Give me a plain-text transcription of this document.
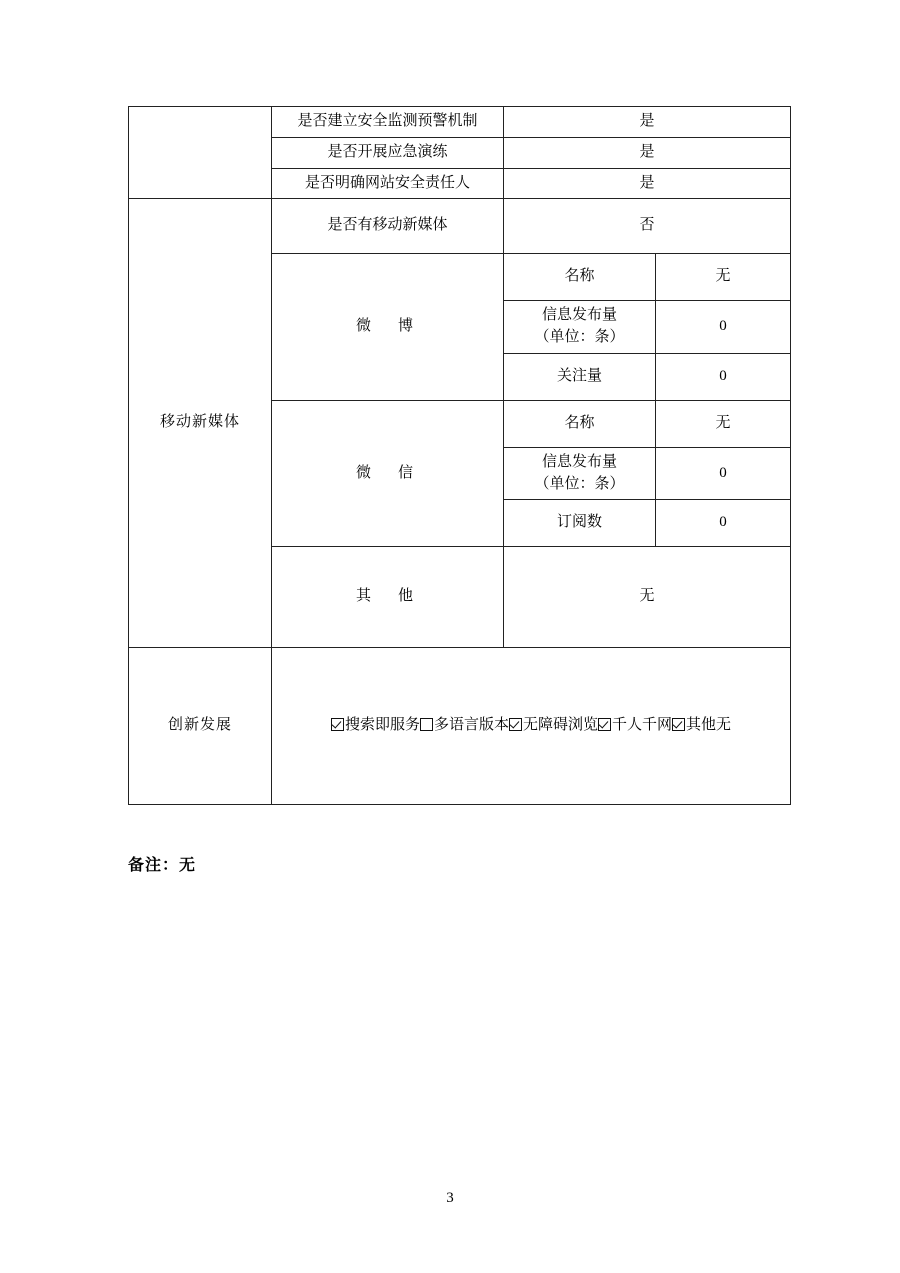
	是否建立安全监测预警机制	是	
	是否开展应急演练	是	
	是否明确网站安全责任人	是	
移动新媒体	是否有移动新媒体	否	
	微　博	名称	无

		信息发布量
（单位：条）	0
		关注量	0
	微　信	名称	无

		信息发布量
（单位：条）	0
		订阅数	0
	其　他	无	
创新发展	搜索即服务 多语言版本 无障碍浏览 千人千网 其他无		
备注：无
3
